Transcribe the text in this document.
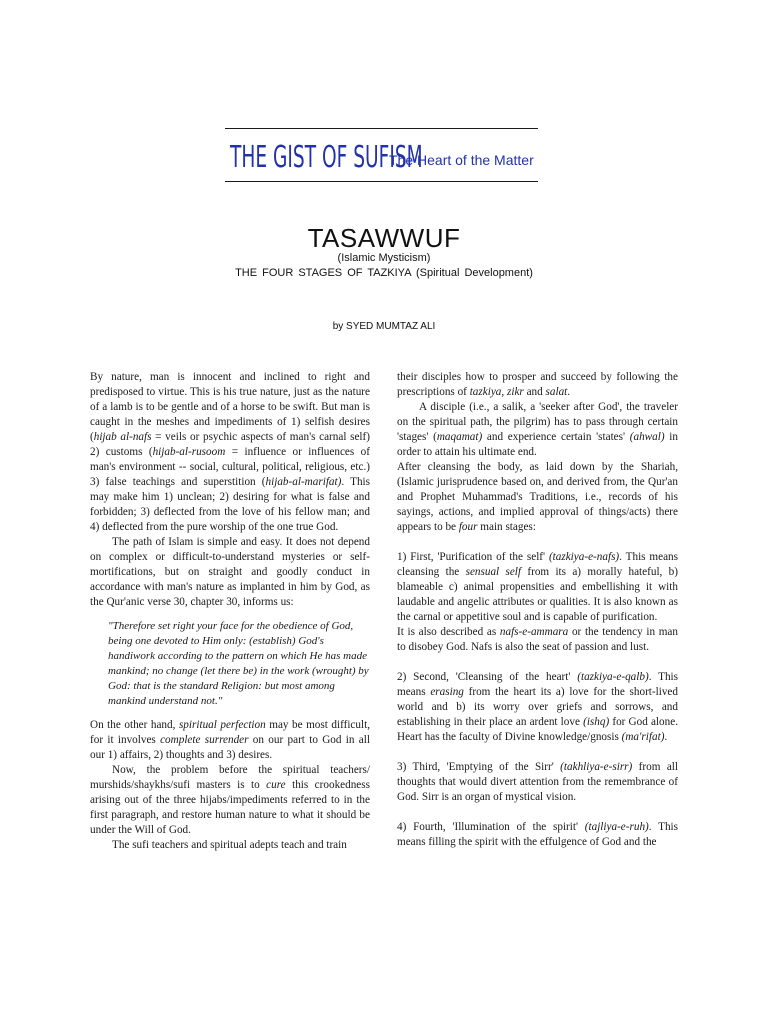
THE GIST OF SUFISM
The Heart of the Matter
TASAWWUF
(Islamic Mysticism)
THE FOUR STAGES OF TAZKIYA (Spiritual Development)
by SYED MUMTAZ ALI

By nature, man is innocent and inclined to right and predisposed to virtue. This is his true nature, just as the nature of a lamb is to be gentle and of a horse to be swift. But man is caught in the meshes and impediments of 1) selfish desires (hijab al-nafs = veils or psychic aspects of man's carnal self) 2) customs (hijab-al-rusoom = influence or influences of man's environment -- social, cultural, political, religious, etc.) 3) false teachings and superstition (hijab-al-marifat). This may make him 1) unclean; 2) desiring for what is false and forbidden; 3) deflected from the love of his fellow man; and 4) deflected from the pure worship of the one true God.

The path of Islam is simple and easy. It does not depend on complex or difficult-to-understand mysteries or self-mortifications, but on straight and goodly conduct in accordance with man's nature as implanted in him by God, as the Qur'anic verse 30, chapter 30, informs us:

"Therefore set right your face for the obedience of God, being one devoted to Him only: (establish) God's handiwork according to the pattern on which He has made mankind; no change (let there be) in the work (wrought) by God: that is the standard Religion: but most among mankind understand not."

On the other hand, spiritual perfection may be most difficult, for it involves complete surrender on our part to God in all our 1) affairs, 2) thoughts and 3) desires.

Now, the problem before the spiritual teachers/ murshids/shaykhs/sufi masters is to cure this crookedness arising out of the three hijabs/impediments referred to in the first paragraph, and restore human nature to what it should be under the Will of God.

The sufi teachers and spiritual adepts teach and train

their disciples how to prosper and succeed by following the prescriptions of tazkiya, zikr and salat.

A disciple (i.e., a salik, a 'seeker after God', the traveler on the spiritual path, the pilgrim) has to pass through certain 'stages' (maqamat) and experience certain 'states' (ahwal) in order to attain his ultimate end.

After cleansing the body, as laid down by the Shariah, (Islamic jurisprudence based on, and derived from, the Qur'an and Prophet Muhammad's Traditions, i.e., records of his sayings, actions, and implied approval of things/acts) there appears to be four main stages:

1) First, 'Purification of the self' (tazkiya-e-nafs). This means cleansing the sensual self from its a) morally hateful, b) blameable c) animal propensities and embellishing it with laudable and angelic attributes or qualities. It is also known as the carnal or appetitive soul and is capable of purification.

It is also described as nafs-e-ammara or the tendency in man to disobey God. Nafs is also the seat of passion and lust.

2) Second, 'Cleansing of the heart' (tazkiya-e-qalb). This means erasing from the heart its a) love for the short-lived world and b) its worry over griefs and sorrows, and establishing in their place an ardent love (ishq) for God alone. Heart has the faculty of Divine knowledge/gnosis (ma'rifat).

3) Third, 'Emptying of the Sirr' (takhliya-e-sirr) from all thoughts that would divert attention from the remembrance of God. Sirr is an organ of mystical vision.

4) Fourth, 'Illumination of the spirit' (tajliya-e-ruh). This means filling the spirit with the effulgence of God and the
